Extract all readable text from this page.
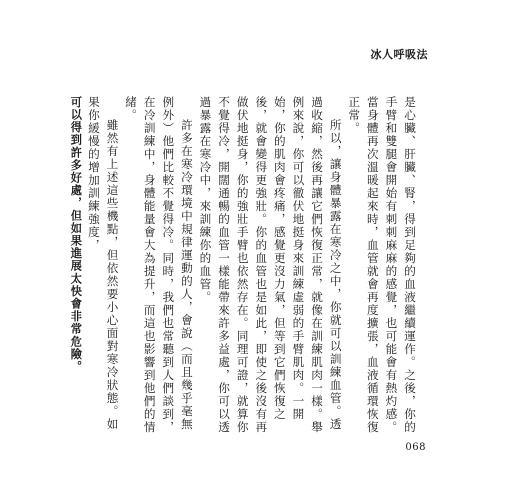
冰人呼吸法

是心臟、肝臟、腎，得到足夠的血液繼續運作。之後，你的手臂和雙腿會開始有刺刺麻麻的感覺，也可能會有熱灼感。當身體再次溫暖起來時，血管就會再度擴張，血液循環恢復正常。

所以，讓身體暴露在寒冷之中，你就可以訓練血管。透過收縮，然後再讓它們恢復正常，就像在訓練肌肉一樣。舉例來說，你可以徹伏地挺身來訓練虛弱的手臂肌肉。一開始，你的肌肉會疼痛，感覺更沒力氣，但等到它們恢復之後，就會變得更強壯。你的血管也是如此，即使之後沒有再做伏地挺身，你的強壯手臂也依然存在。同理可證，就算你不覺得冷，開闊通暢的血管一樣能帶來許多益處，你可以透過暴露在寒冷中，來訓練你的血管。

許多在寒冷環境中規律運動的人，會說（而且幾乎毫無例外）他們比較不覺得冷。同時，我們也常聽到人們談到，在冷訓練中，身體能量會大為提升，而這也影響到他們的情緒。

雖然有上述這些機點，但依然要小心面對寒冷狀態。如果你緩慢的增加訓練強度，

可以得到許多好處，但如果進展太快會非常危險。

068
